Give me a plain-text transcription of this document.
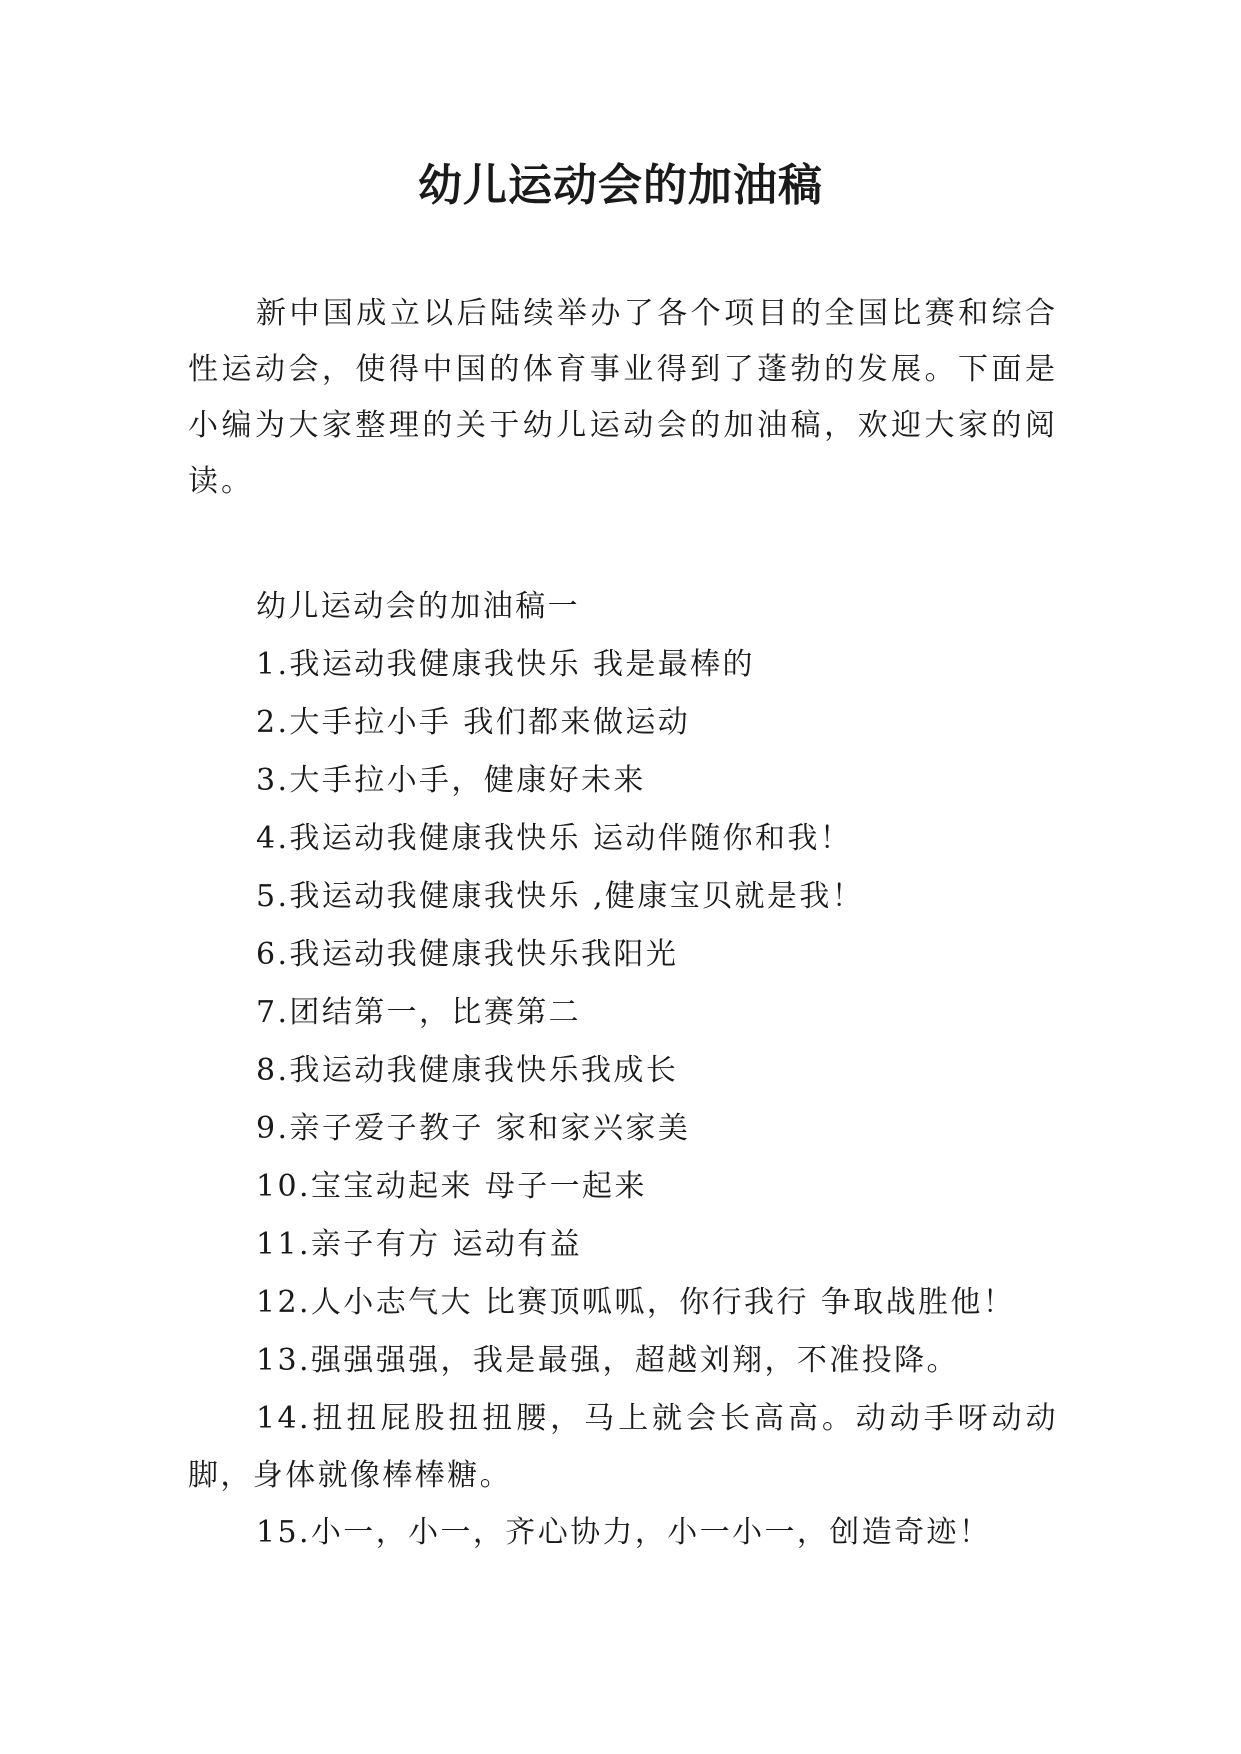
幼儿运动会的加油稿

新中国成立以后陆续举办了各个项目的全国比赛和综合性运动会，使得中国的体育事业得到了蓬勃的发展。下面是小编为大家整理的关于幼儿运动会的加油稿，欢迎大家的阅读。

幼儿运动会的加油稿一

1.我运动我健康我快乐 我是最棒的
2.大手拉小手 我们都来做运动
3.大手拉小手，健康好未来
4.我运动我健康我快乐 运动伴随你和我！
5.我运动我健康我快乐 ,健康宝贝就是我！
6.我运动我健康我快乐我阳光
7.团结第一，比赛第二
8.我运动我健康我快乐我成长
9.亲子爱子教子 家和家兴家美
10.宝宝动起来 母子一起来
11.亲子有方 运动有益
12.人小志气大 比赛顶呱呱，你行我行 争取战胜他！
13.强强强强，我是最强，超越刘翔，不准投降。
14.扭扭屁股扭扭腰，马上就会长高高。动动手呀动动脚，身体就像棒棒糖。
15.小一，小一，齐心协力，小一小一，创造奇迹！
